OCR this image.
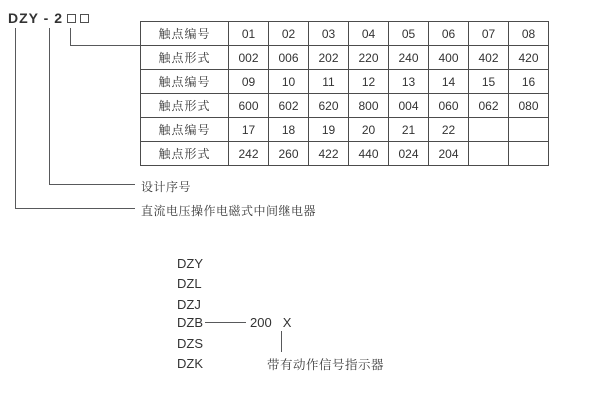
DZY - 2
触点编号	01	02	03	04	05	06	07	08
触点形式	002	006	202	220	240	400	402	420
触点编号	09	10	11	12	13	14	15	16
触点形式	600	602	620	800	004	060	062	080
触点编号	17	18	19	20	21	22		
触点形式	242	260	422	440	024	204		
设计序号
直流电压操作电磁式中间继电器
DZY
DZL
DZJ
DZB
DZS
DZK
200 X
带有动作信号指示器
